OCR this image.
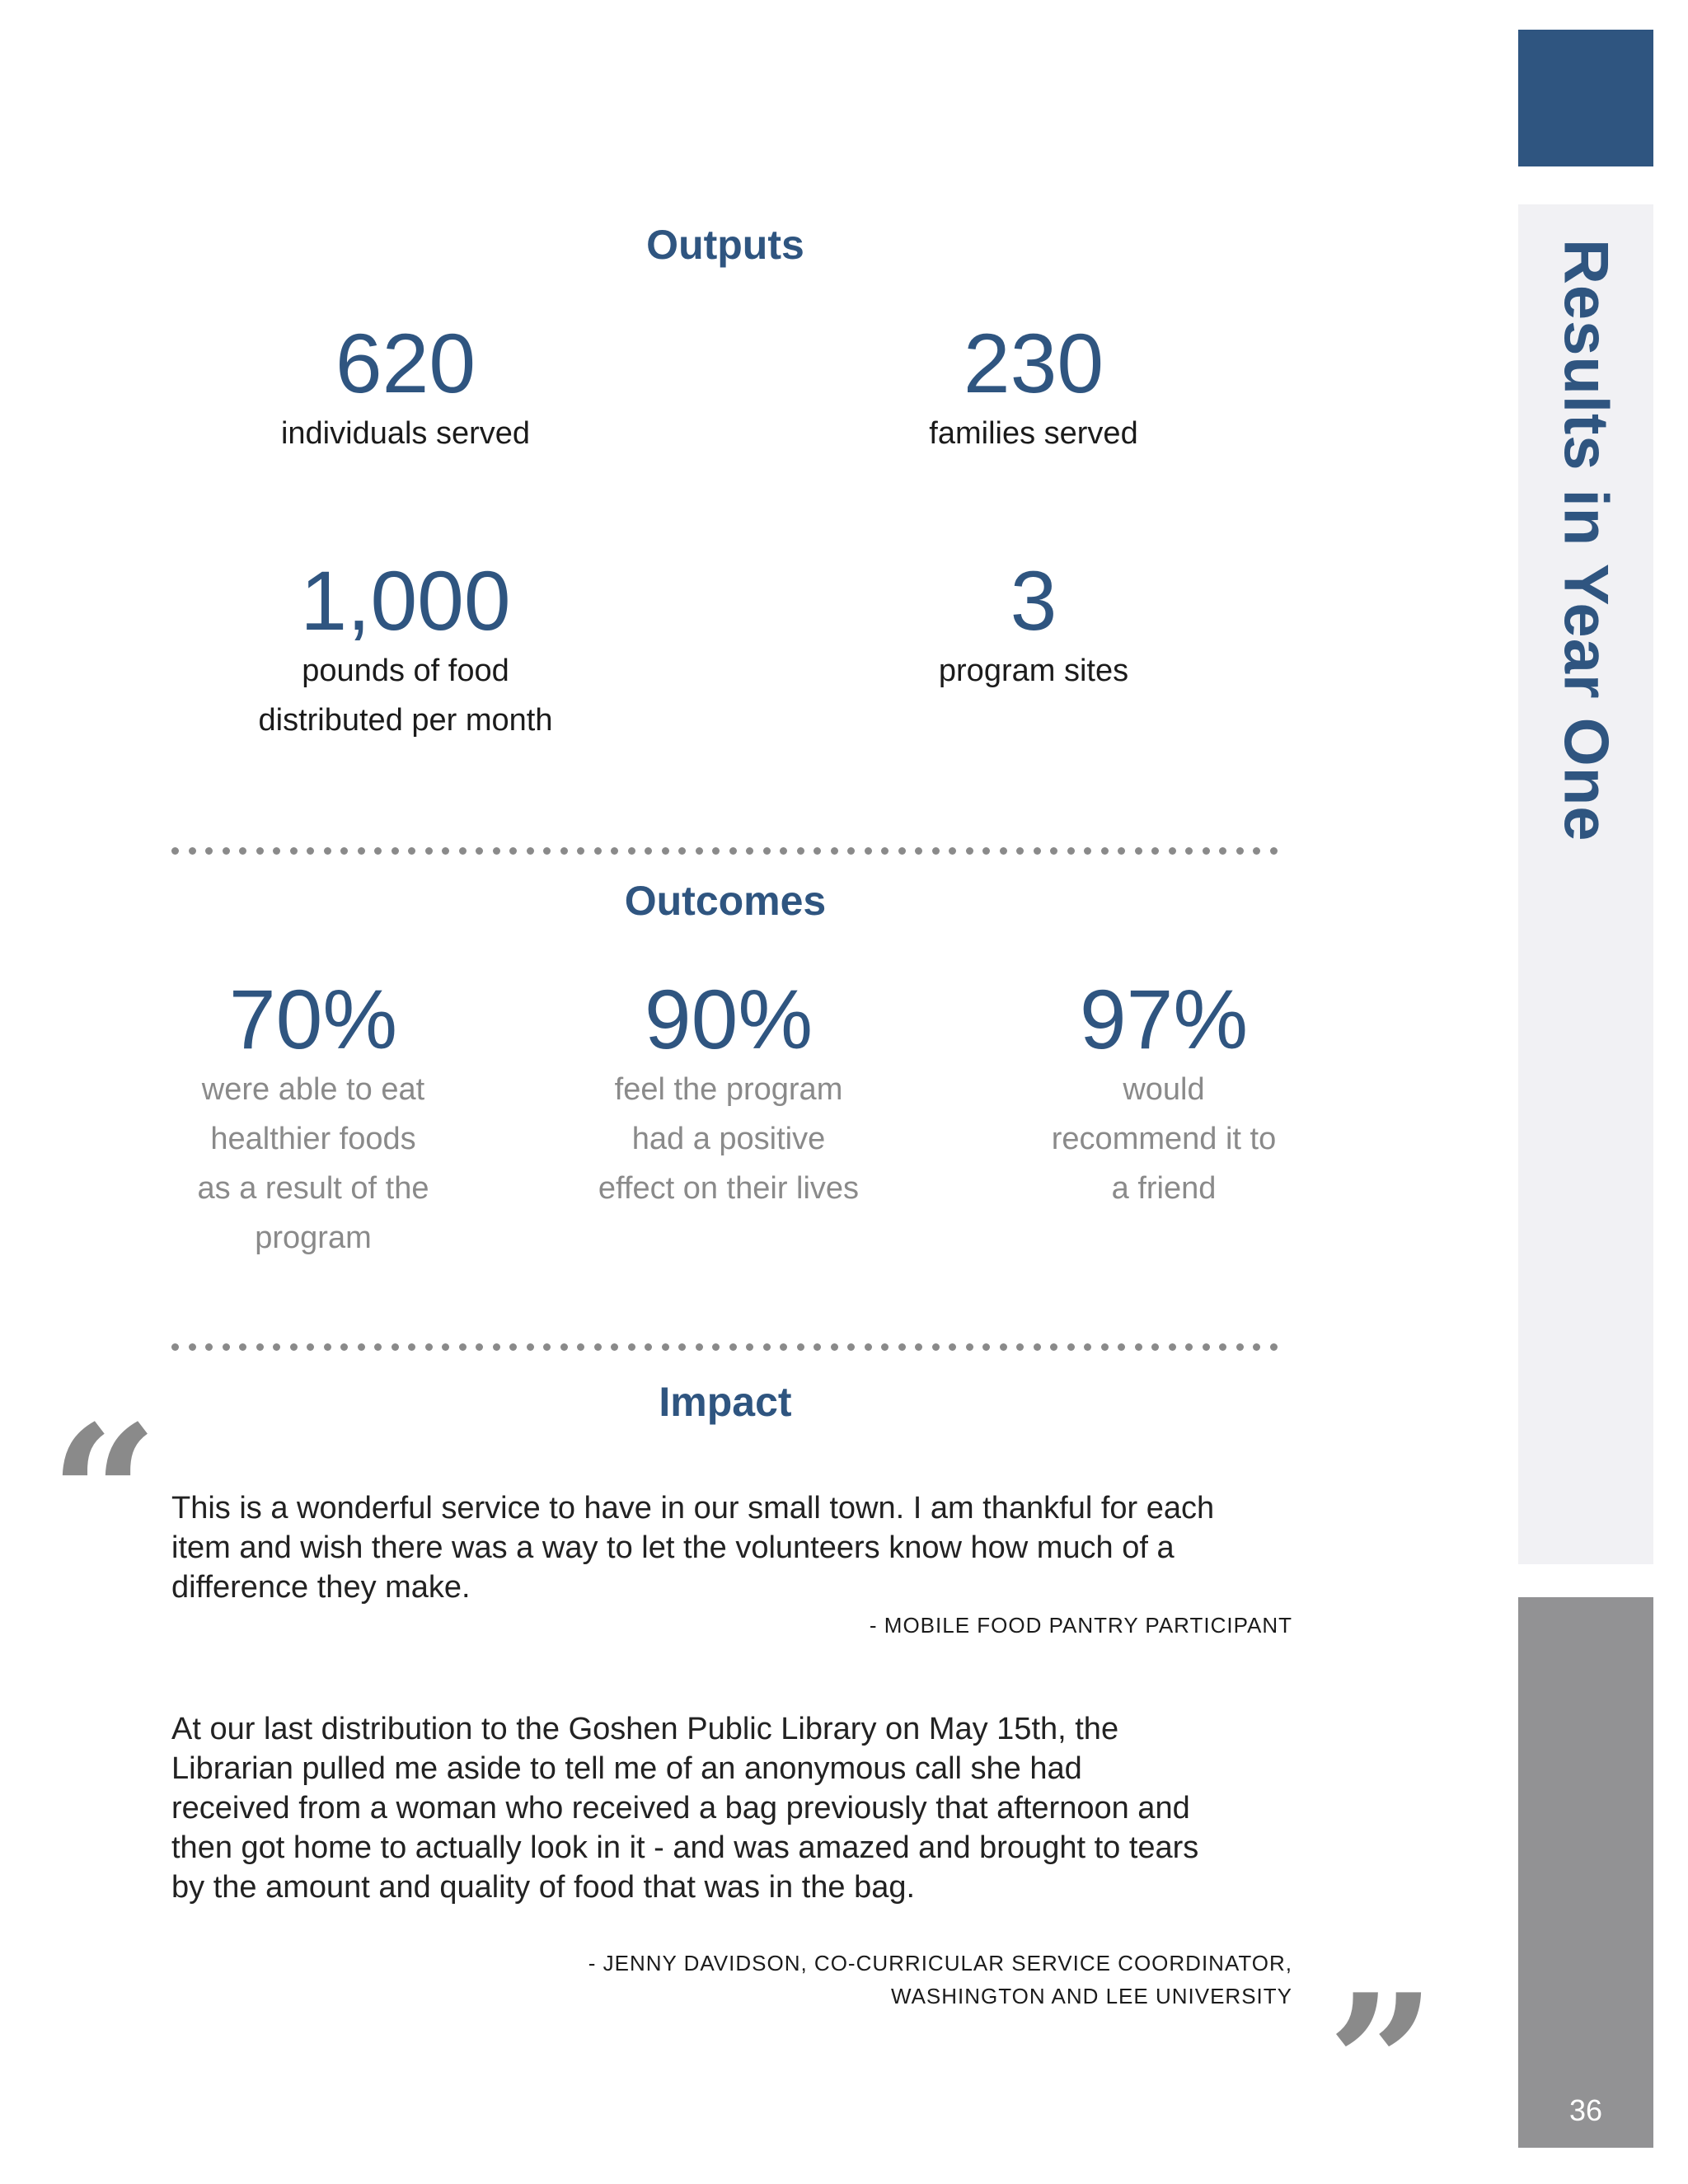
Results in Year One
36
Outputs
620
individuals served
230
families served
1,000
pounds of food
distributed per month
3
program sites
Outcomes
70%
were able to eat
healthier foods
as a result of the
program
90%
feel the program
had a positive
effect on their lives
97%
would
recommend it to
a friend
Impact
“ This is a wonderful service to have in our small town. I am thankful for each
item and wish there was a way to let the volunteers know how much of a
difference they make.

- MOBILE FOOD PANTRY PARTICIPANT

At our last distribution to the Goshen Public Library on May 15th, the
Librarian pulled me aside to tell me of an anonymous call she had
received from a woman who received a bag previously that afternoon and
then got home to actually look in it - and was amazed and brought to tears
by the amount and quality of food that was in the bag.

- JENNY DAVIDSON, CO-CURRICULAR SERVICE COORDINATOR,
WASHINGTON AND LEE UNIVERSITY ”
